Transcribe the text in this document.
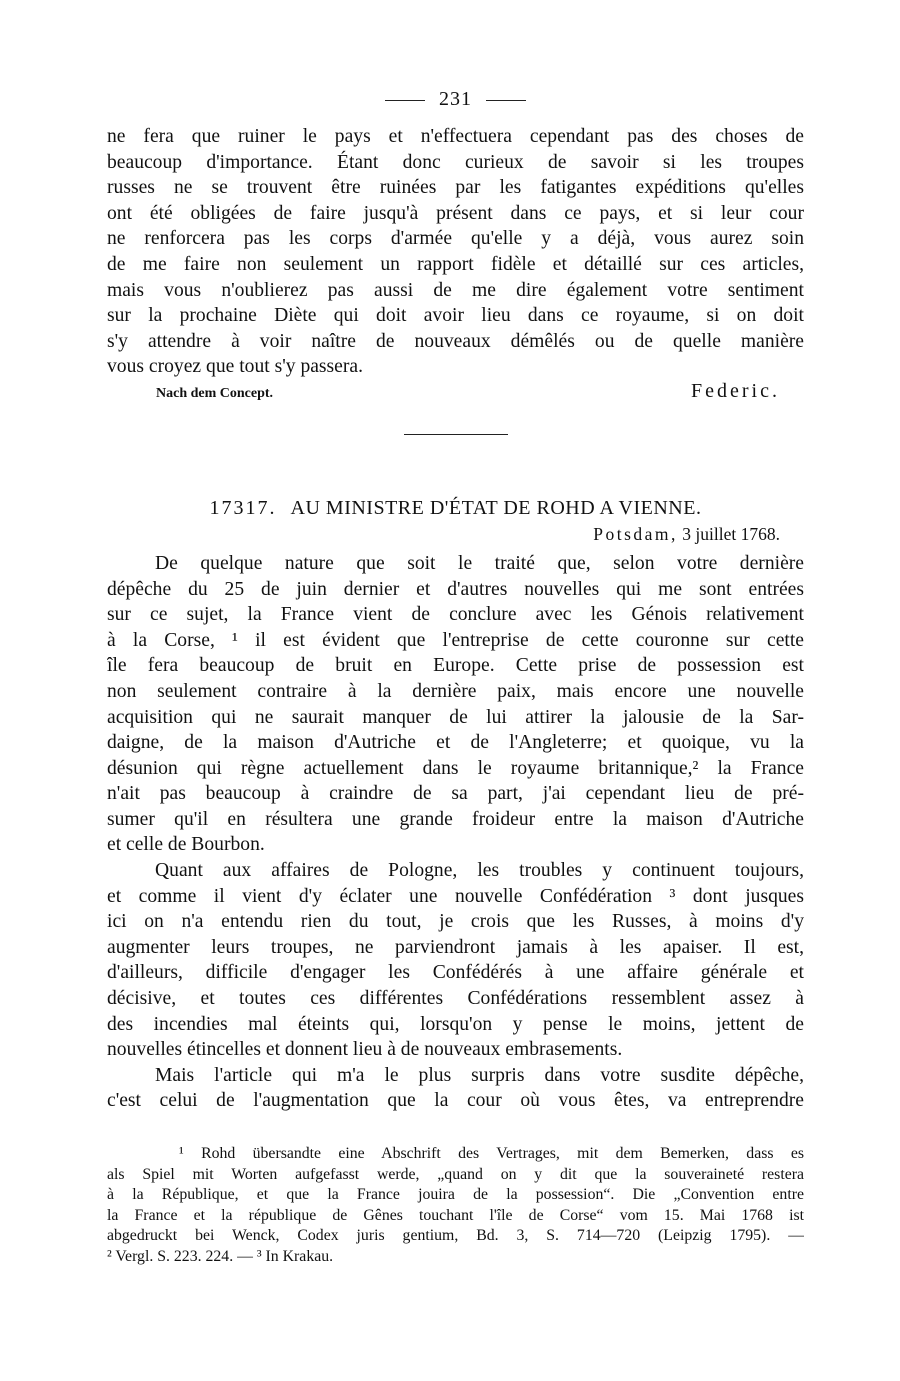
231
ne fera que ruiner le pays et n'effectuera cependant pas des choses de
beaucoup d'importance. Étant donc curieux de savoir si les troupes
russes ne se trouvent être ruinées par les fatigantes expéditions qu'elles
ont été obligées de faire jusqu'à présent dans ce pays, et si leur cour
ne renforcera pas les corps d'armée qu'elle y a déjà, vous aurez soin
de me faire non seulement un rapport fidèle et détaillé sur ces articles,
mais vous n'oublierez pas aussi de me dire également votre sentiment
sur la prochaine Diète qui doit avoir lieu dans ce royaume, si on doit
s'y attendre à voir naître de nouveaux démêlés ou de quelle manière
vous croyez que tout s'y passera.
Nach dem Concept.	Federic.
17317. AU MINISTRE D'ÉTAT DE ROHD A VIENNE.
Potsdam, 3 juillet 1768.
De quelque nature que soit le traité que, selon votre dernière
dépêche du 25 de juin dernier et d'autres nouvelles qui me sont entrées
sur ce sujet, la France vient de conclure avec les Génois relativement
à la Corse, ¹ il est évident que l'entreprise de cette couronne sur cette
île fera beaucoup de bruit en Europe. Cette prise de possession est
non seulement contraire à la dernière paix, mais encore une nouvelle
acquisition qui ne saurait manquer de lui attirer la jalousie de la Sar-
daigne, de la maison d'Autriche et de l'Angleterre; et quoique, vu la
désunion qui règne actuellement dans le royaume britannique,² la France
n'ait pas beaucoup à craindre de sa part, j'ai cependant lieu de pré-
sumer qu'il en résultera une grande froideur entre la maison d'Autriche
et celle de Bourbon.
Quant aux affaires de Pologne, les troubles y continuent toujours,
et comme il vient d'y éclater une nouvelle Confédération ³ dont jusques
ici on n'a entendu rien du tout, je crois que les Russes, à moins d'y
augmenter leurs troupes, ne parviendront jamais à les apaiser. Il est,
d'ailleurs, difficile d'engager les Confédérés à une affaire générale et
décisive, et toutes ces différentes Confédérations ressemblent assez à
des incendies mal éteints qui, lorsqu'on y pense le moins, jettent de
nouvelles étincelles et donnent lieu à de nouveaux embrasements.
Mais l'article qui m'a le plus surpris dans votre susdite dépêche,
c'est celui de l'augmentation que la cour où vous êtes, va entreprendre
¹ Rohd übersandte eine Abschrift des Vertrages, mit dem Bemerken, dass es
als Spiel mit Worten aufgefasst werde, „quand on y dit que la souveraineté restera
à la République, et que la France jouira de la possession“. Die „Convention entre
la France et la république de Gênes touchant l'île de Corse“ vom 15. Mai 1768 ist
abgedruckt bei Wenck, Codex juris gentium, Bd. 3, S. 714—720 (Leipzig 1795). —
² Vergl. S. 223. 224. — ³ In Krakau.
